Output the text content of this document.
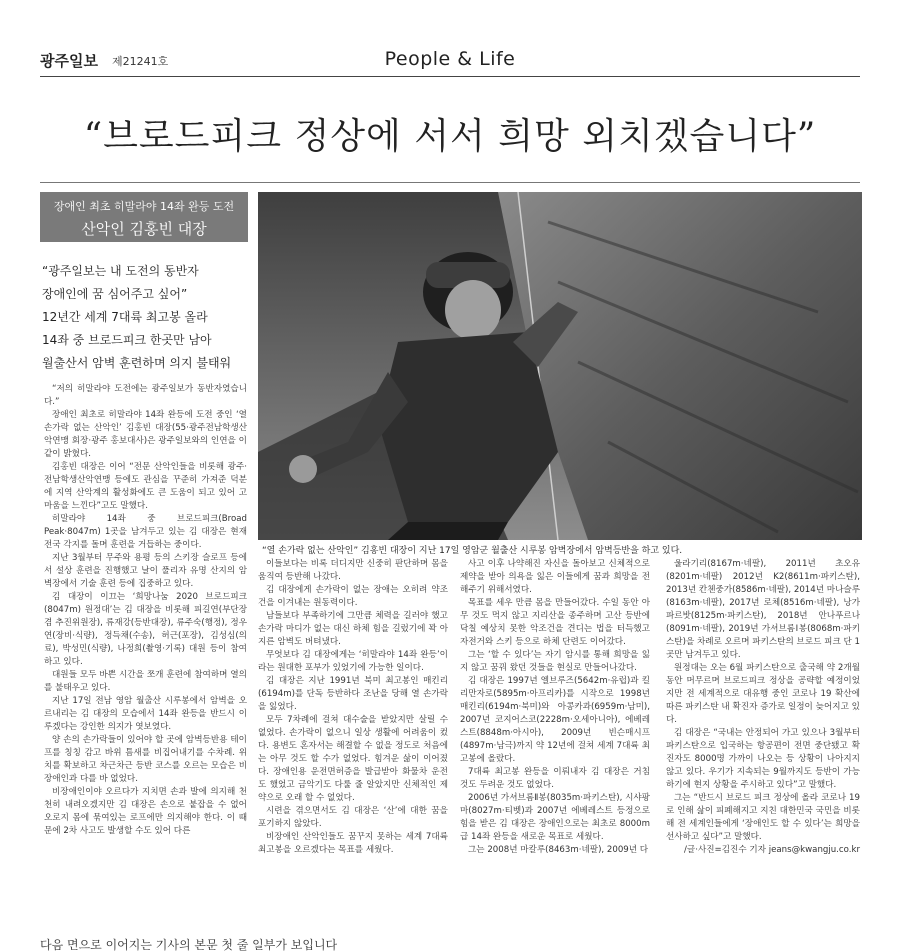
광주일보 제21241호	People & Life
“브로드피크 정상에 서서 희망 외치겠습니다”
장애인 최초 히말라야 14좌 완등 도전
산악인 김홍빈 대장
“광주일보는 내 도전의 동반자
장애인에 꿈 심어주고 싶어”
12년간 세계 7대륙 최고봉 올라
14좌 중 브로드피크 한곳만 남아
월출산서 암벽 훈련하며 의지 불태워
“열 손가락 없는 산악인” 김홍빈 대장이 지난 17일 영암군 월출산 시루봉 암벽장에서 암벽등반을 하고 있다.

“저의 히말라야 도전에는 광주일보가 동반자였습니다.”

장애인 최초로 히말라야 14좌 완등에 도전 중인 ‘열 손가락 없는 산악인’ 김홍빈 대장(55·광주전남학생산악연맹 회장·광주 홍보대사)은 광주일보와의 인연을 이같이 밝혔다.

김홍빈 대장은 이어 “전문 산악인들을 비롯해 광주·전남학생산악연맹 등에도 관심을 꾸준히 가져준 덕분에 지역 산악계의 활성화에도 큰 도움이 되고 있어 고마움을 느낀다”고도 말했다.

히말라야 14좌 중 브로드피크(Broad Peak·8047m) 1곳을 남겨두고 있는 김 대장은 현재 전국 각지를 돌며 훈련을 거듭하는 중이다.

지난 3월부터 무주와 용평 등의 스키장 슬로프 등에서 설상 훈련을 진행했고 날이 풀리자 유명 산지의 암벽장에서 기술 훈련 등에 집중하고 있다.

김 대장이 이끄는 ‘희망나눔 2020 브로드피크(8047m) 원정대’는 김 대장을 비롯해 피길연(부단장 겸 추진위원장), 류재강(등반대장), 류주숙(행정), 정우연(장비·식량), 정득채(수송), 허근(포장), 김성심(의료), 박성민(식량), 나정희(촬영·기록) 대원 등이 참여하고 있다.

대원들 모두 바쁜 시간을 쪼개 훈련에 참여하며 열의를 불태우고 있다.

지난 17일 전남 영암 월출산 시루봉에서 암벽을 오르내리는 김 대장의 모습에서 14좌 완등을 반드시 이루겠다는 강인한 의지가 엿보였다.

양 손의 손가락들이 있어야 할 곳에 암벽등반용 테이프를 칭칭 감고 바위 틈새를 비집어내기를 수차례. 위치를 확보하고 차근차근 등반 코스를 오르는 모습은 비장애인과 다를 바 없었다.

비장애인이야 오르다가 지치면 손과 발에 의지해 천천히 내려오겠지만 김 대장은 손으로 붙잡을 수 없어 오로지 몸에 묶여있는 로프에만 의지해야 한다. 이 때문에 2차 사고도 발생할 수도 있어 다른

이들보다는 비록 더디지만 신중히 판단하며 몸을 움직여 등반해 나갔다.

김 대장에게 손가락이 없는 장애는 오히려 약조건을 이겨내는 원동력이다.

남들보다 부족하기에 그만큼 체력을 길러야 했고 손가락 마디가 없는 대신 하체 힘을 길렀기에 꽉 아지른 암벽도 버텨냈다.

무엇보다 김 대장에게는 ‘히말라야 14좌 완등’이라는 원대한 포부가 있었기에 가능한 일이다.

김 대장은 지난 1991년 북미 최고봉인 매킨리(6194m)를 단독 등반하다 조난을 당해 열 손가락을 잃었다.

모두 7차례에 걸쳐 대수술을 받았지만 살릴 수 없었다. 손가락이 없으니 일상 생활에 어려움이 컸다. 용변도 혼자서는 해결할 수 없을 정도로 처음에는 아무 것도 할 수가 없었다. 힘겨운 삶이 이어졌다. 장애인용 운전면허증을 발급받아 화물차 운전도 했었고 금악기도 다룰 줄 알았지만 신체적인 제약으로 오래 할 수 없었다.

시련을 겪으면서도 김 대장은 ‘산’에 대한 꿈을 포기하지 않았다.

비장애인 산악인들도 꿈꾸지 못하는 세계 7대륙 최고봉을 오르겠다는 목표를 세웠다.

사고 이후 나약해진 자신을 돌아보고 신체적으로 제약을 받아 의욕을 잃은 이들에게 꿈과 희망을 전해주기 위해서였다.

목표를 세우 만큼 몸을 만들어갔다. 수일 동안 아무 것도 먹지 않고 지리산을 종주하며 고산 등반에 닥칠 예상치 못한 악조건을 견디는 법을 터득했고 자전거와 스키 등으로 하체 단련도 이어갔다.

그는 ‘할 수 있다’는 자기 암시를 통해 희망을 잃지 않고 꿈꿔 왔던 것들을 현실로 만들어나갔다.

김 대장은 1997년 엘브루즈(5642m·유럽)과 킬리만자로(5895m·아프리카)를 시작으로 1998년 매킨리(6194m·북미)와 아콩카과(6959m·남미), 2007년 코지어스코(2228m·오세아니아), 에베레스트(8848m·아시아), 2009년 빈슨매시프(4897m·남극)까지 약 12년에 걸쳐 세계 7대륙 최고봉에 올랐다.

7대륙 최고봉 완등을 이뤄내자 김 대장은 거침 것도 두려운 것도 없었다.

2006년 가셔브롬Ⅱ봉(8035m·파키스탄), 시샤팡마(8027m·티벳)과 2007년 에베레스트 등정으로 힘을 받은 김 대장은 장애인으로는 최초로 8000m 급 14좌 완등을 새로운 목표로 세웠다.

그는 2008년 마칼루(8463m·네팔), 2009년 다

울라기리(8167m·네팔), 2011년 초오유(8201m·네팔) 2012년 K2(8611m·파키스탄), 2013년 칸첸중가(8586m·네팔), 2014년 마나슬루(8163m·네팔), 2017년 로체(8516m·네팔), 낭가파르밧(8125m·파키스탄), 2018년 안나푸르나(8091m·네팔), 2019년 가셔브롬Ⅰ봉(8068m·파키스탄)을 차례로 오르며 파키스탄의 브로드 피크 단 1곳만 남겨두고 있다.

원정대는 오는 6월 파키스탄으로 출국해 약 2개월 동안 머무르며 브로드피크 정상을 공략할 예정이었지만 전 세계적으로 대유행 중인 코로나 19 확산에 따른 파키스탄 내 확진자 증가로 일정이 늦어지고 있다.

김 대장은 “국내는 안정되어 가고 있으나 3월부터 파키스탄으로 입국하는 항공편이 전면 중단됐고 확진자도 8000명 가까이 나오는 등 상황이 나아지지 않고 있다. 우기가 지속되는 9월까지도 등반이 가능하기에 현지 상황을 주시하고 있다”고 말했다.

그는 “반드시 브로드 피크 정상에 올라 코로나 19로 인해 삶이 피폐해지고 지친 대한민국 국민을 비롯해 전 세계인들에게 ‘장애인도 할 수 있다’는 희망을 선사하고 싶다”고 말했다.

/글·사진=김진수 기자 jeans@kwangju.co.kr

다음 면으로 이어지는 기사의 본문 첫 줄 일부가 보입니다
